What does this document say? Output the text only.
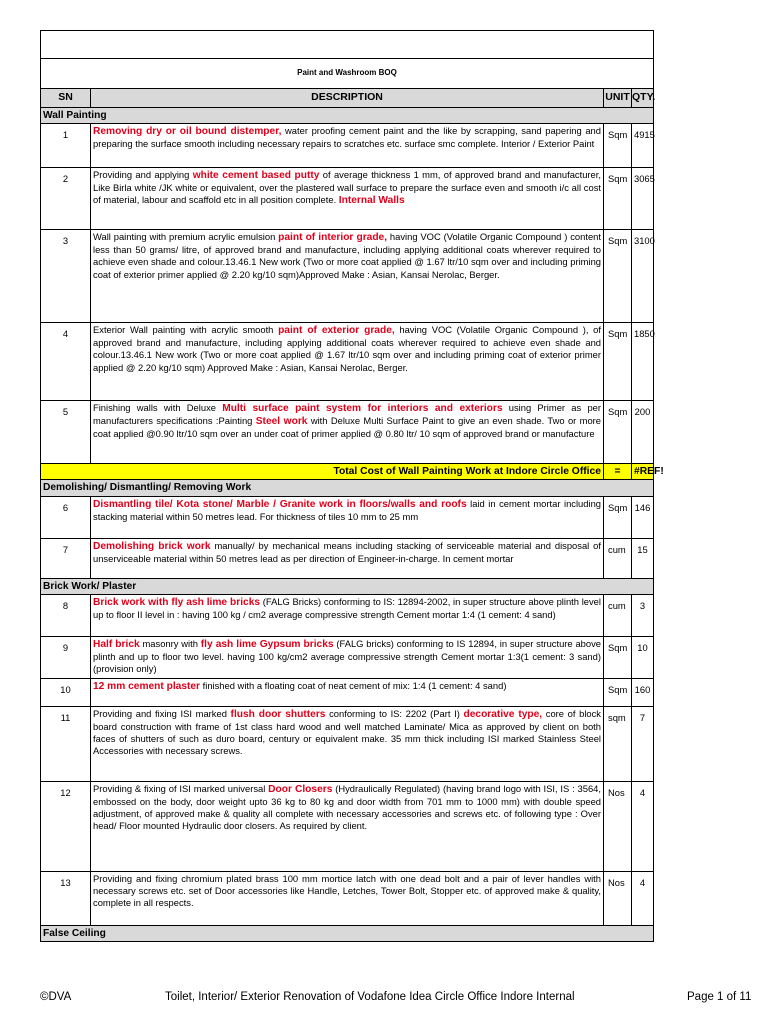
Paint and Washroom BOQ			
SN	DESCRIPTION	UNIT	QTY.
Wall Painting			
1	Removing dry or oil bound distemper, water proofing cement paint and the like by scrapping, sand papering and preparing the surface smooth including necessary repairs to scratches etc. surface smc complete. Interior / Exterior Paint	Sqm	4915
2	Providing and applying white cement based putty of average thickness 1 mm, of approved brand and manufacturer, Like Birla white /JK white or equivalent, over the plastered wall surface to prepare the surface even and smooth i/c all cost of material, labour and scaffold etc in all position complete. Internal Walls	Sqm	3065
3	Wall painting with premium acrylic emulsion paint of interior grade, having VOC (Volatile Organic Compound ) content less than 50 grams/ litre, of approved brand and manufacture, including applying additional coats wherever required to achieve even shade and colour.13.46.1 New work (Two or more coat applied @ 1.67 ltr/10 sqm over and including priming coat of exterior primer applied @ 2.20 kg/10 sqm)Approved Make : Asian, Kansai Nerolac, Berger.	Sqm	3100
4	Exterior Wall painting with acrylic smooth paint of exterior grade, having VOC (Volatile Organic Compound ), of approved brand and manufacture, including applying additional coats wherever required to achieve even shade and colour.13.46.1 New work (Two or more coat applied @ 1.67 ltr/10 sqm over and including priming coat of exterior primer applied @ 2.20 kg/10 sqm) Approved Make : Asian, Kansai Nerolac, Berger.	Sqm	1850
5	Finishing walls with Deluxe Multi surface paint system for interiors and exteriors using Primer as per manufacturers specifications :Painting Steel work with Deluxe Multi Surface Paint to give an even shade. Two or more coat applied @0.90 ltr/10 sqm over an under coat of primer applied @ 0.80 ltr/ 10 sqm of approved brand or manufacture	Sqm	200
Total Cost of Wall Painting Work at Indore Circle Office		=	#REF!
Demolishing/ Dismantling/ Removing Work			
6	Dismantling tile/ Kota stone/ Marble / Granite work in floors/walls and roofs laid in cement mortar including stacking material within 50 metres lead. For thickness of tiles 10 mm to 25 mm	Sqm	146
7	Demolishing brick work manually/ by mechanical means including stacking of serviceable material and disposal of unserviceable material within 50 metres lead as per direction of Engineer-in-charge. In cement mortar	cum	15
Brick Work/ Plaster			
8	Brick work with fly ash lime bricks (FALG Bricks) conforming to IS: 12894-2002, in super structure above plinth level up to floor II level in : having 100 kg / cm2 average compressive strength Cement mortar 1:4 (1 cement: 4 sand)	cum	3
9	Half brick masonry with fly ash lime Gypsum bricks (FALG bricks) conforming to IS 12894, in super structure above plinth and up to floor two level. having 100 kg/cm2 average compressive strength Cement mortar 1:3(1 cement: 3 sand) (provision only)	Sqm	10
10	12 mm cement plaster finished with a floating coat of neat cement of mix: 1:4 (1 cement: 4 sand)	Sqm	160
11	Providing and fixing ISI marked flush door shutters conforming to IS: 2202 (Part I) decorative type, core of block board construction with frame of 1st class hard wood and well matched Laminate/ Mica as approved by client on both faces of shutters of such as duro board, century or equivalent make. 35 mm thick including ISI marked Stainless Steel Accessories with necessary screws.	sqm	7
12	Providing & fixing of ISI marked universal Door Closers (Hydraulically Regulated) (having brand logo with ISI, IS : 3564, embossed on the body, door weight upto 36 kg to 80 kg and door width from 701 mm to 1000 mm) with double speed adjustment, of approved make & quality all complete with necessary accessories and screws etc. of following type : Over head/ Floor mounted Hydraulic door closers. As required by client.	Nos	4
13	Providing and fixing chromium plated brass 100 mm mortice latch with one dead bolt and a pair of lever handles with necessary screws etc. set of Door accessories like Handle, Letches, Tower Bolt, Stopper etc. of approved make & quality, complete in all respects.	Nos	4
False Ceiling			
©DVA	Toilet, Interior/ Exterior Renovation of Vodafone Idea Circle Office Indore Internal	Page 1 of 11
